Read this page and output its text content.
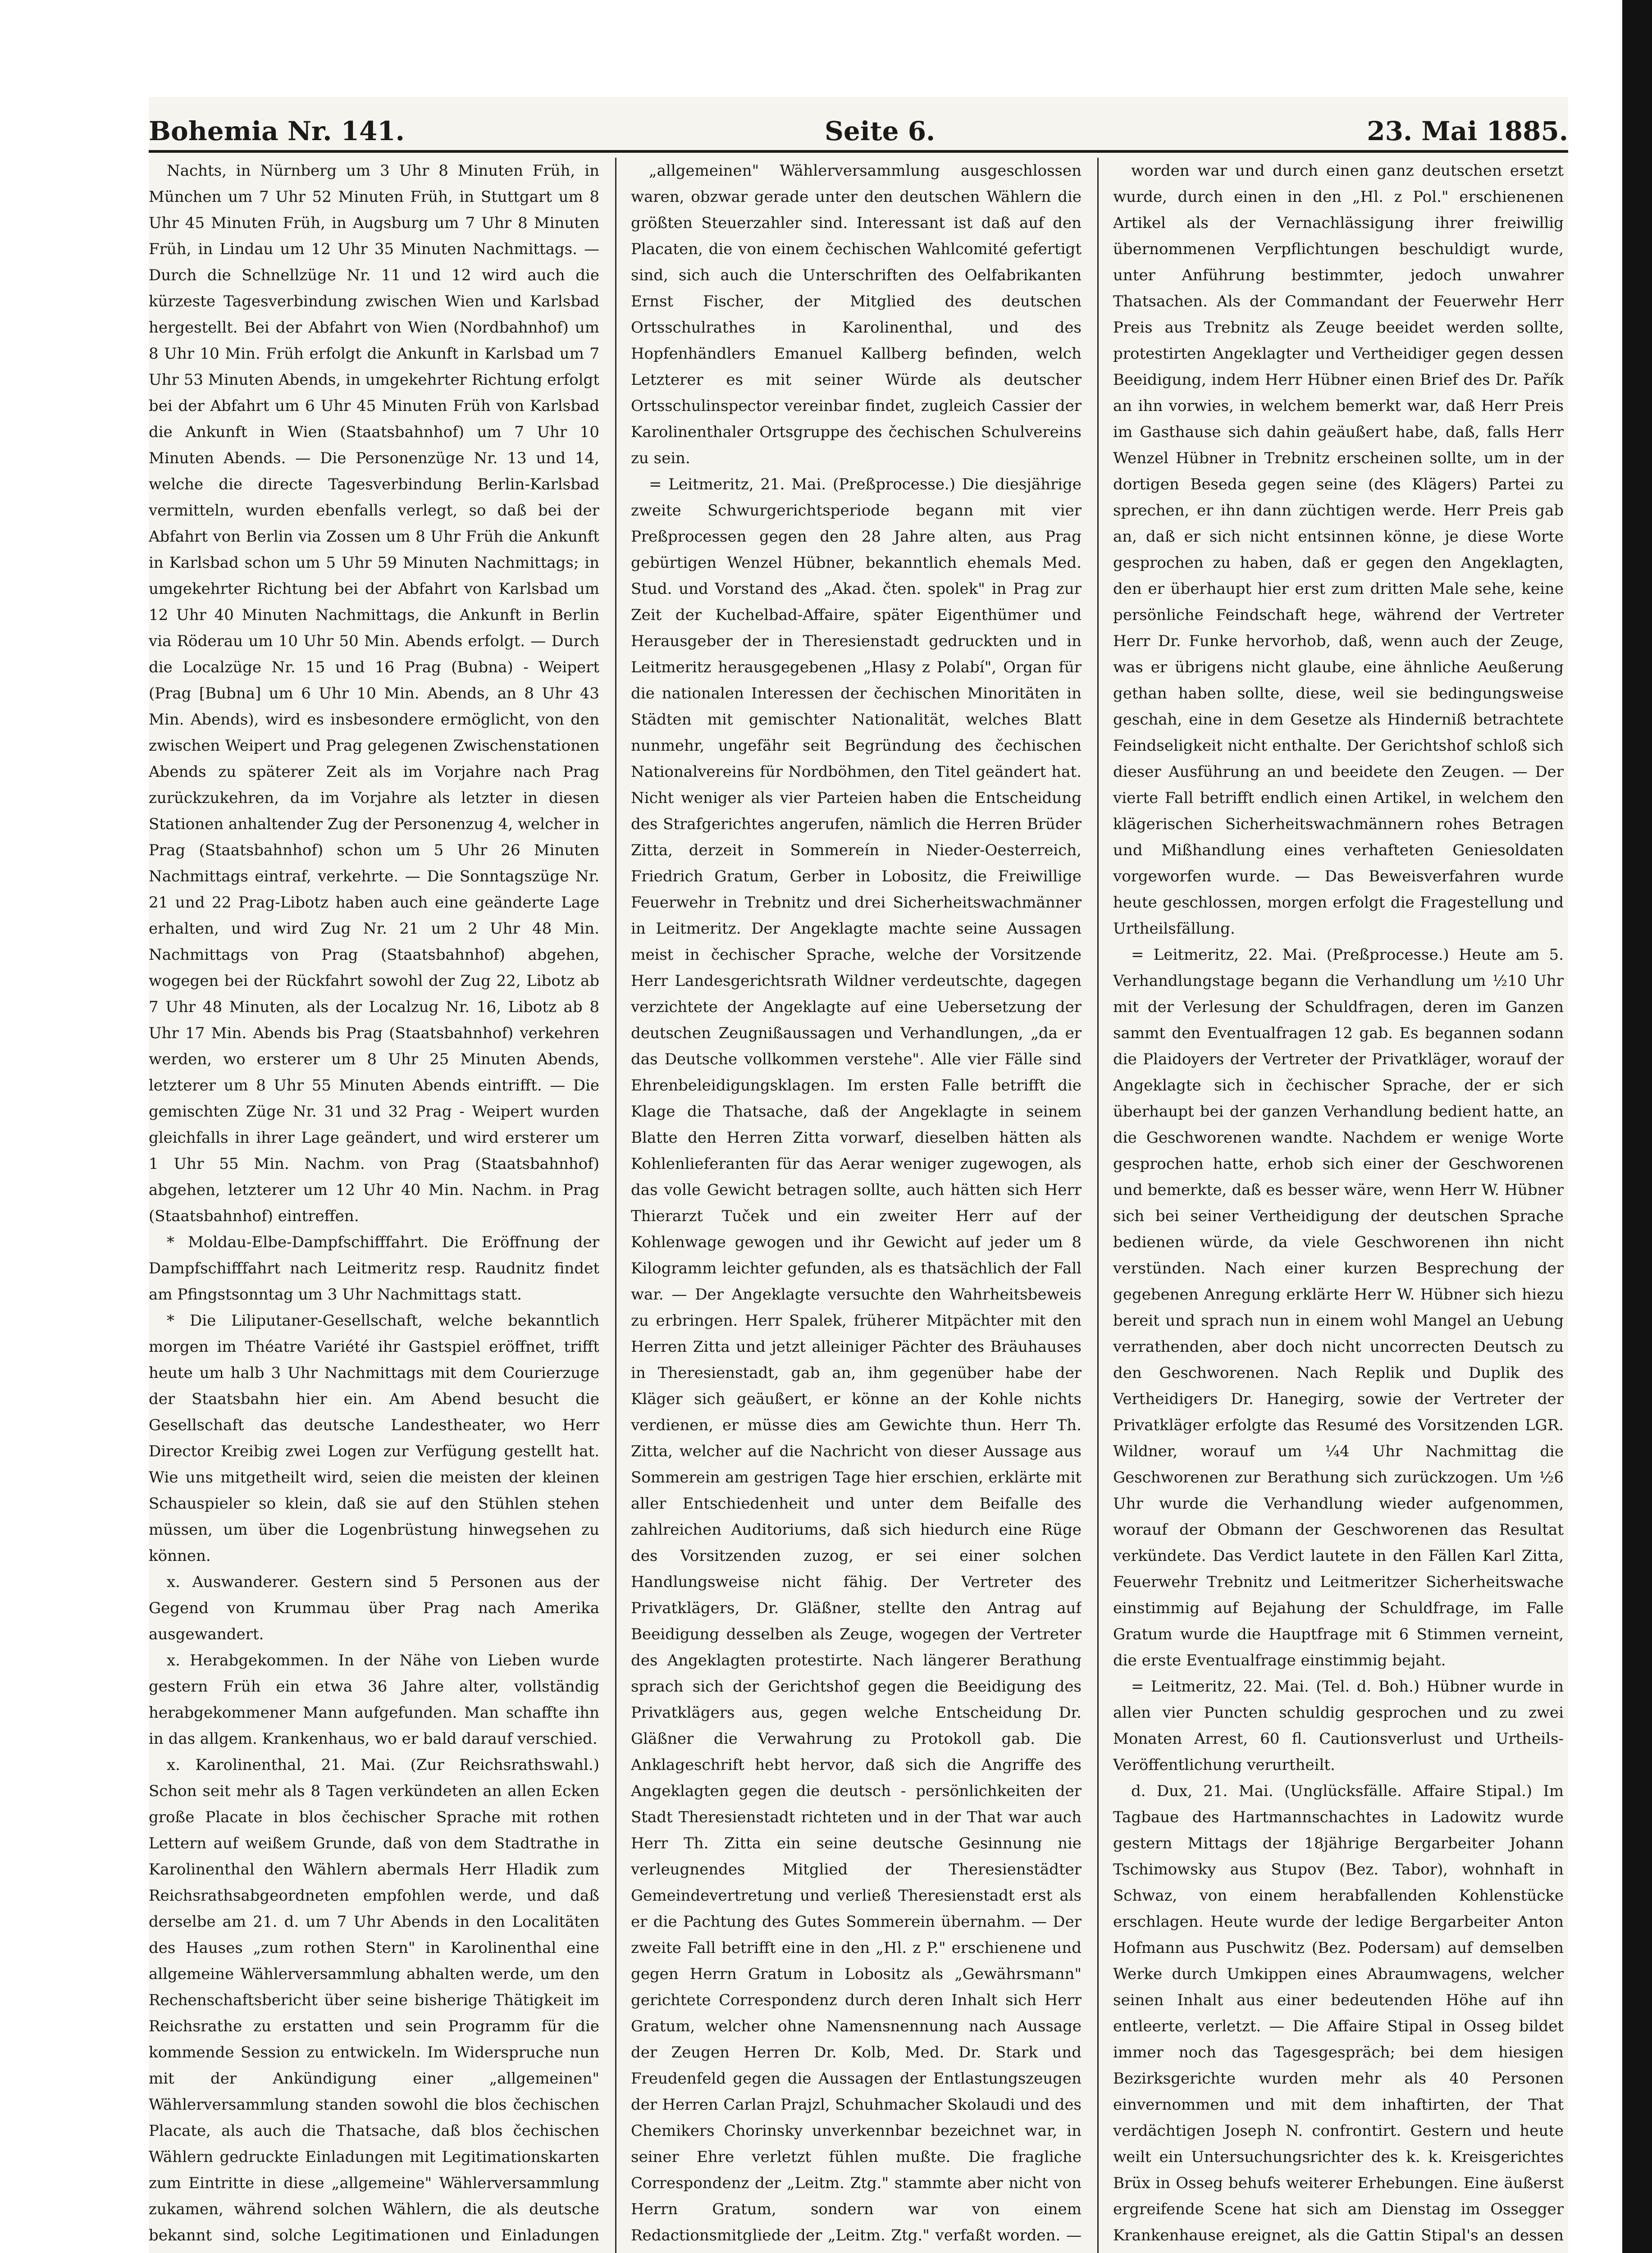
Bohemia Nr. 141.	Seite 6.	23. Mai 1885.

Nachts, in Nürnberg um 3 Uhr 8 Minuten Früh, in München um 7 Uhr 52 Minuten Früh, in Stuttgart um 8 Uhr 45 Minuten Früh, in Augsburg um 7 Uhr 8 Minuten Früh, in Lindau um 12 Uhr 35 Minuten Nachmittags. — Durch die Schnellzüge Nr. 11 und 12 wird auch die kürzeste Tagesverbindung zwischen Wien und Karlsbad hergestellt. Bei der Abfahrt von Wien (Nordbahnhof) um 8 Uhr 10 Min. Früh erfolgt die Ankunft in Karlsbad um 7 Uhr 53 Minuten Abends, in umgekehrter Richtung erfolgt bei der Abfahrt um 6 Uhr 45 Minuten Früh von Karlsbad die Ankunft in Wien (Staatsbahnhof) um 7 Uhr 10 Minuten Abends. — Die Personenzüge Nr. 13 und 14, welche die directe Tagesverbindung Berlin-Karlsbad vermitteln, wurden ebenfalls verlegt, so daß bei der Abfahrt von Berlin via Zossen um 8 Uhr Früh die Ankunft in Karlsbad schon um 5 Uhr 59 Minuten Nachmittags; in umgekehrter Richtung bei der Abfahrt von Karlsbad um 12 Uhr 40 Minuten Nachmittags, die Ankunft in Berlin via Röderau um 10 Uhr 50 Min. Abends erfolgt. — Durch die Localzüge Nr. 15 und 16 Prag (Bubna) - Weipert (Prag [Bubna] um 6 Uhr 10 Min. Abends, an 8 Uhr 43 Min. Abends), wird es insbesondere ermöglicht, von den zwischen Weipert und Prag gelegenen Zwischenstationen Abends zu späterer Zeit als im Vorjahre nach Prag zurückzukehren, da im Vorjahre als letzter in diesen Stationen anhaltender Zug der Personenzug 4, welcher in Prag (Staatsbahnhof) schon um 5 Uhr 26 Minuten Nachmittags eintraf, verkehrte. — Die Sonntagszüge Nr. 21 und 22 Prag-Libotz haben auch eine geänderte Lage erhalten, und wird Zug Nr. 21 um 2 Uhr 48 Min. Nachmittags von Prag (Staatsbahnhof) abgehen, wogegen bei der Rückfahrt sowohl der Zug 22, Libotz ab 7 Uhr 48 Minuten, als der Localzug Nr. 16, Libotz ab 8 Uhr 17 Min. Abends bis Prag (Staatsbahnhof) verkehren werden, wo ersterer um 8 Uhr 25 Minuten Abends, letzterer um 8 Uhr 55 Minuten Abends eintrifft. — Die gemischten Züge Nr. 31 und 32 Prag - Weipert wurden gleichfalls in ihrer Lage geändert, und wird ersterer um 1 Uhr 55 Min. Nachm. von Prag (Staatsbahnhof) abgehen, letzterer um 12 Uhr 40 Min. Nachm. in Prag (Staatsbahnhof) eintreffen.

* Moldau-Elbe-Dampfschifffahrt. Die Eröffnung der Dampfschifffahrt nach Leitmeritz resp. Raudnitz findet am Pfingstsonntag um 3 Uhr Nachmittags statt.

* Die Liliputaner-Gesellschaft, welche bekanntlich morgen im Théatre Variété ihr Gastspiel eröffnet, trifft heute um halb 3 Uhr Nachmittags mit dem Courierzuge der Staatsbahn hier ein. Am Abend besucht die Gesellschaft das deutsche Landestheater, wo Herr Director Kreibig zwei Logen zur Verfügung gestellt hat. Wie uns mitgetheilt wird, seien die meisten der kleinen Schauspieler so klein, daß sie auf den Stühlen stehen müssen, um über die Logenbrüstung hinwegsehen zu können.

x. Auswanderer. Gestern sind 5 Personen aus der Gegend von Krummau über Prag nach Amerika ausgewandert.

x. Herabgekommen. In der Nähe von Lieben wurde gestern Früh ein etwa 36 Jahre alter, vollständig herabgekommener Mann aufgefunden. Man schaffte ihn in das allgem. Krankenhaus, wo er bald darauf verschied.

x. Karolinenthal, 21. Mai. (Zur Reichsrathswahl.) Schon seit mehr als 8 Tagen verkündeten an allen Ecken große Placate in blos čechischer Sprache mit rothen Lettern auf weißem Grunde, daß von dem Stadtrathe in Karolinenthal den Wählern abermals Herr Hladik zum Reichsrathsabgeordneten empfohlen werde, und daß derselbe am 21. d. um 7 Uhr Abends in den Localitäten des Hauses „zum rothen Stern" in Karolinenthal eine allgemeine Wählerversammlung abhalten werde, um den Rechenschaftsbericht über seine bisherige Thätigkeit im Reichsrathe zu erstatten und sein Programm für die kommende Session zu entwickeln. Im Widerspruche nun mit der Ankündigung einer „allgemeinen" Wählerversammlung standen sowohl die blos čechischen Placate, als auch die Thatsache, daß blos čechischen Wählern gedruckte Einladungen mit Legitimationskarten zum Eintritte in diese „allgemeine" Wählerversammlung zukamen, während solchen Wählern, die als deutsche bekannt sind, solche Legitimationen und Einladungen

„allgemeinen" Wählerversammlung ausgeschlossen waren, obzwar gerade unter den deutschen Wählern die größten Steuerzahler sind. Interessant ist daß auf den Placaten, die von einem čechischen Wahlcomité gefertigt sind, sich auch die Unterschriften des Oelfabrikanten Ernst Fischer, der Mitglied des deutschen Ortsschulrathes in Karolinenthal, und des Hopfenhändlers Emanuel Kallberg befinden, welch Letzterer es mit seiner Würde als deutscher Ortsschulinspector vereinbar findet, zugleich Cassier der Karolinenthaler Ortsgruppe des čechischen Schulvereins zu sein.

= Leitmeritz, 21. Mai. (Preßprocesse.) Die diesjährige zweite Schwurgerichtsperiode begann mit vier Preßprocessen gegen den 28 Jahre alten, aus Prag gebürtigen Wenzel Hübner, bekanntlich ehemals Med. Stud. und Vorstand des „Akad. čten. spolek" in Prag zur Zeit der Kuchelbad-Affaire, später Eigenthümer und Herausgeber der in Theresienstadt gedruckten und in Leitmeritz herausgegebenen „Hlasy z Polabí", Organ für die nationalen Interessen der čechischen Minoritäten in Städten mit gemischter Nationalität, welches Blatt nunmehr, ungefähr seit Begründung des čechischen Nationalvereins für Nordböhmen, den Titel geändert hat. Nicht weniger als vier Parteien haben die Entscheidung des Strafgerichtes angerufen, nämlich die Herren Brüder Zitta, derzeit in Sommereín in Nieder-Oesterreich, Friedrich Gratum, Gerber in Lobositz, die Freiwillige Feuerwehr in Trebnitz und drei Sicherheitswachmänner in Leitmeritz. Der Angeklagte machte seine Aussagen meist in čechischer Sprache, welche der Vorsitzende Herr Landesgerichtsrath Wildner verdeutschte, dagegen verzichtete der Angeklagte auf eine Uebersetzung der deutschen Zeugnißaussagen und Verhandlungen, „da er das Deutsche vollkommen verstehe". Alle vier Fälle sind Ehrenbeleidigungsklagen. Im ersten Falle betrifft die Klage die Thatsache, daß der Angeklagte in seinem Blatte den Herren Zitta vorwarf, dieselben hätten als Kohlenlieferanten für das Aerar weniger zugewogen, als das volle Gewicht betragen sollte, auch hätten sich Herr Thierarzt Tuček und ein zweiter Herr auf der Kohlenwage gewogen und ihr Gewicht auf jeder um 8 Kilogramm leichter gefunden, als es thatsächlich der Fall war. — Der Angeklagte versuchte den Wahrheitsbeweis zu erbringen. Herr Spalek, früherer Mitpächter mit den Herren Zitta und jetzt alleiniger Pächter des Bräuhauses in Theresienstadt, gab an, ihm gegenüber habe der Kläger sich geäußert, er könne an der Kohle nichts verdienen, er müsse dies am Gewichte thun. Herr Th. Zitta, welcher auf die Nachricht von dieser Aussage aus Sommerein am gestrigen Tage hier erschien, erklärte mit aller Entschiedenheit und unter dem Beifalle des zahlreichen Auditoriums, daß sich hiedurch eine Rüge des Vorsitzenden zuzog, er sei einer solchen Handlungsweise nicht fähig. Der Vertreter des Privatklägers, Dr. Gläßner, stellte den Antrag auf Beeidigung desselben als Zeuge, wogegen der Vertreter des Angeklagten protestirte. Nach längerer Berathung sprach sich der Gerichtshof gegen die Beeidigung des Privatklägers aus, gegen welche Entscheidung Dr. Gläßner die Verwahrung zu Protokoll gab. Die Anklageschrift hebt hervor, daß sich die Angriffe des Angeklagten gegen die deutsch - persönlichkeiten der Stadt Theresienstadt richteten und in der That war auch Herr Th. Zitta ein seine deutsche Gesinnung nie verleugnendes Mitglied der Theresienstädter Gemeindevertretung und verließ Theresienstadt erst als er die Pachtung des Gutes Sommerein übernahm. — Der zweite Fall betrifft eine in den „Hl. z P." erschienene und gegen Herrn Gratum in Lobositz als „Gewährsmann" gerichtete Correspondenz durch deren Inhalt sich Herr Gratum, welcher ohne Namensnennung nach Aussage der Zeugen Herren Dr. Kolb, Med. Dr. Stark und Freudenfeld gegen die Aussagen der Entlastungszeugen der Herren Carlan Prajzl, Schuhmacher Skolaudi und des Chemikers Chorinsky unverkennbar bezeichnet war, in seiner Ehre verletzt fühlen mußte. Die fragliche Correspondenz der „Leitm. Ztg." stammte aber nicht von Herrn Gratum, sondern war von einem Redactionsmitgliede der „Leitm. Ztg." verfaßt worden. —

worden war und durch einen ganz deutschen ersetzt wurde, durch einen in den „Hl. z Pol." erschienenen Artikel als der Vernachlässigung ihrer freiwillig übernommenen Verpflichtungen beschuldigt wurde, unter Anführung bestimmter, jedoch unwahrer Thatsachen. Als der Commandant der Feuerwehr Herr Preis aus Trebnitz als Zeuge beeidet werden sollte, protestirten Angeklagter und Vertheidiger gegen dessen Beeidigung, indem Herr Hübner einen Brief des Dr. Pařík an ihn vorwies, in welchem bemerkt war, daß Herr Preis im Gasthause sich dahin geäußert habe, daß, falls Herr Wenzel Hübner in Trebnitz erscheinen sollte, um in der dortigen Beseda gegen seine (des Klägers) Partei zu sprechen, er ihn dann züchtigen werde. Herr Preis gab an, daß er sich nicht entsinnen könne, je diese Worte gesprochen zu haben, daß er gegen den Angeklagten, den er überhaupt hier erst zum dritten Male sehe, keine persönliche Feindschaft hege, während der Vertreter Herr Dr. Funke hervorhob, daß, wenn auch der Zeuge, was er übrigens nicht glaube, eine ähnliche Aeußerung gethan haben sollte, diese, weil sie bedingungsweise geschah, eine in dem Gesetze als Hinderniß betrachtete Feindseligkeit nicht enthalte. Der Gerichtshof schloß sich dieser Ausführung an und beeidete den Zeugen. — Der vierte Fall betrifft endlich einen Artikel, in welchem den klägerischen Sicherheitswachmännern rohes Betragen und Mißhandlung eines verhafteten Geniesoldaten vorgeworfen wurde. — Das Beweisverfahren wurde heute geschlossen, morgen erfolgt die Fragestellung und Urtheilsfällung.

= Leitmeritz, 22. Mai. (Preßprocesse.) Heute am 5. Verhandlungstage begann die Verhandlung um ½10 Uhr mit der Verlesung der Schuldfragen, deren im Ganzen sammt den Eventualfragen 12 gab. Es begannen sodann die Plaidoyers der Vertreter der Privatkläger, worauf der Angeklagte sich in čechischer Sprache, der er sich überhaupt bei der ganzen Verhandlung bedient hatte, an die Geschworenen wandte. Nachdem er wenige Worte gesprochen hatte, erhob sich einer der Geschworenen und bemerkte, daß es besser wäre, wenn Herr W. Hübner sich bei seiner Vertheidigung der deutschen Sprache bedienen würde, da viele Geschworenen ihn nicht verstünden. Nach einer kurzen Besprechung der gegebenen Anregung erklärte Herr W. Hübner sich hiezu bereit und sprach nun in einem wohl Mangel an Uebung verrathenden, aber doch nicht uncorrecten Deutsch zu den Geschworenen. Nach Replik und Duplik des Vertheidigers Dr. Hanegirg, sowie der Vertreter der Privatkläger erfolgte das Resumé des Vorsitzenden LGR. Wildner, worauf um ¼4 Uhr Nachmittag die Geschworenen zur Berathung sich zurückzogen. Um ½6 Uhr wurde die Verhandlung wieder aufgenommen, worauf der Obmann der Geschworenen das Resultat verkündete. Das Verdict lautete in den Fällen Karl Zitta, Feuerwehr Trebnitz und Leitmeritzer Sicherheitswache einstimmig auf Bejahung der Schuldfrage, im Falle Gratum wurde die Hauptfrage mit 6 Stimmen verneint, die erste Eventualfrage einstimmig bejaht.

= Leitmeritz, 22. Mai. (Tel. d. Boh.) Hübner wurde in allen vier Puncten schuldig gesprochen und zu zwei Monaten Arrest, 60 fl. Cautionsverlust und Urtheils-Veröffentlichung verurtheilt.

d. Dux, 21. Mai. (Unglücksfälle. Affaire Stipal.) Im Tagbaue des Hartmannschachtes in Ladowitz wurde gestern Mittags der 18jährige Bergarbeiter Johann Tschimowsky aus Stupov (Bez. Tabor), wohnhaft in Schwaz, von einem herabfallenden Kohlenstücke erschlagen. Heute wurde der ledige Bergarbeiter Anton Hofmann aus Puschwitz (Bez. Podersam) auf demselben Werke durch Umkippen eines Abraumwagens, welcher seinen Inhalt aus einer bedeutenden Höhe auf ihn entleerte, verletzt. — Die Affaire Stipal in Osseg bildet immer noch das Tagesgespräch; bei dem hiesigen Bezirksgerichte wurden mehr als 40 Personen einvernommen und mit dem inhaftirten, der That verdächtigen Joseph N. confrontirt. Gestern und heute weilt ein Untersuchungsrichter des k. k. Kreisgerichtes Brüx in Osseg behufs weiterer Erhebungen. Eine äußerst ergreifende Scene hat sich am Dienstag im Ossegger Krankenhause ereignet, als die Gattin Stipal's an dessen
